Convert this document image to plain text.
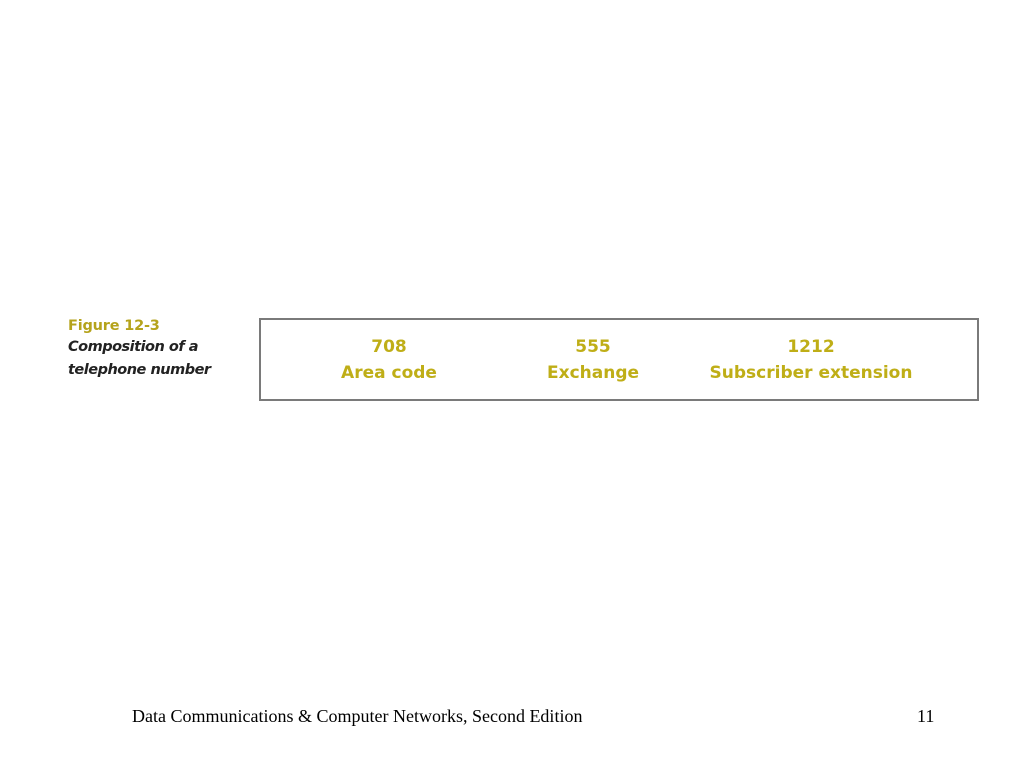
Figure 12-3
Composition of a
telephone number
708
Area code
555
Exchange
1212
Subscriber extension
Data Communications & Computer Networks, Second Edition	11
